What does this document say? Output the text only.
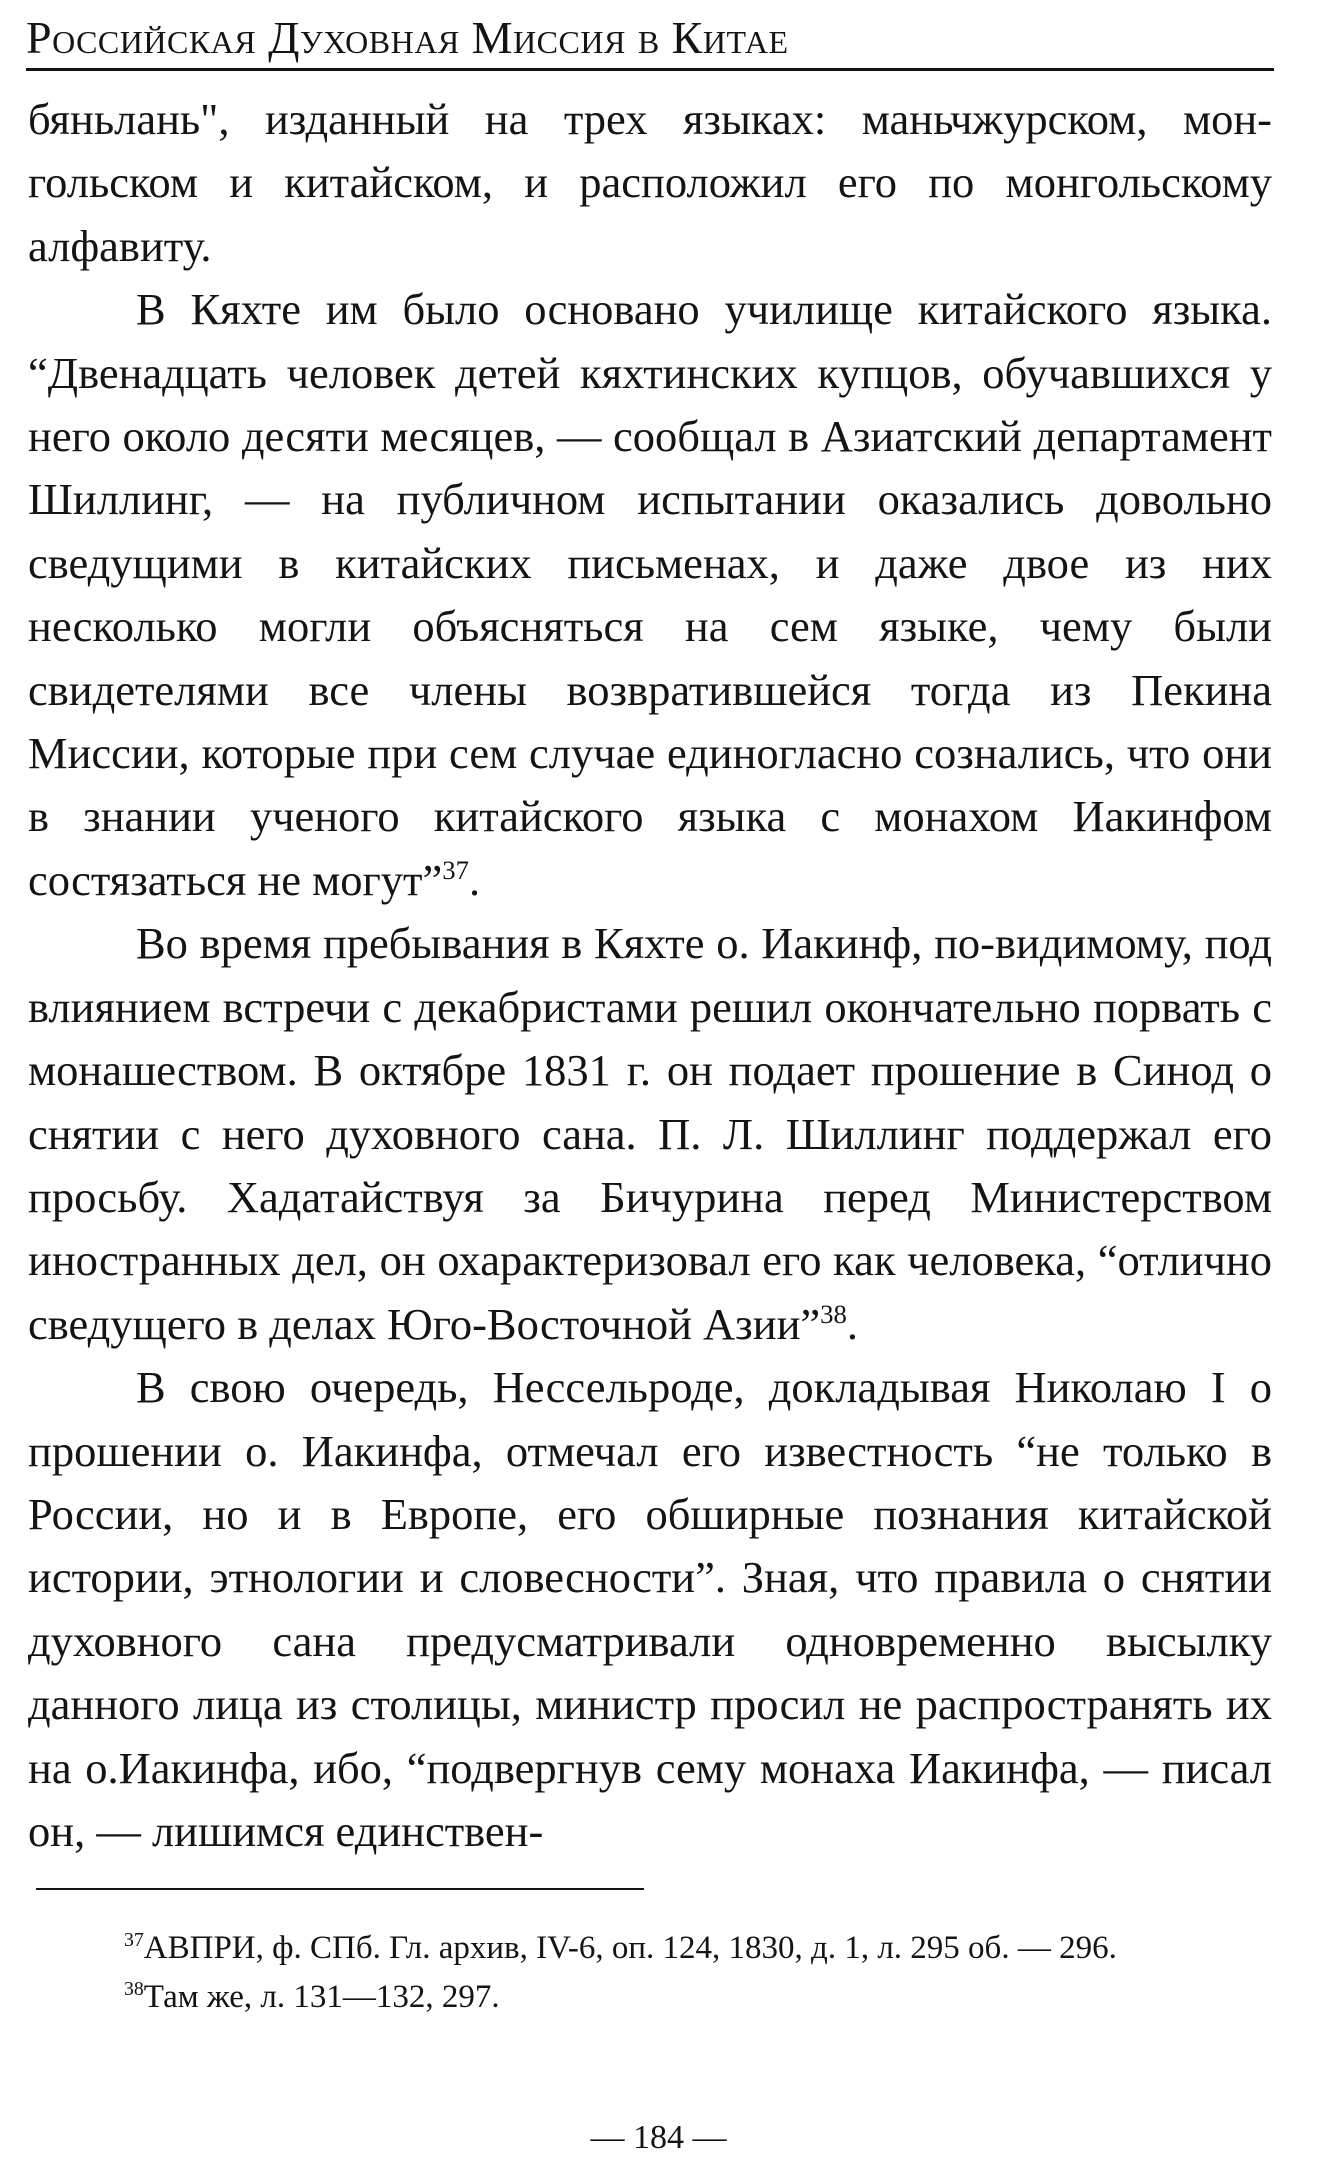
Российская Духовная Миссия в Китае

бяньлань", изданный на трех языках: маньчжурском, монгольском и китайском, и расположил его по монгольскому алфавиту.

В Кяхте им было основано училище китайского языка. “Двенадцать человек детей кяхтинских купцов, обучавшихся у него около десяти месяцев, — сообщал в Азиатский департамент Шиллинг, — на публичном испытании оказались довольно сведущими в китайских письменах, и даже двое из них несколько могли объясняться на сем языке, чему были свидетелями все члены возвратившейся тогда из Пекина Миссии, которые при сем случае единогласно сознались, что они в знании ученого китайского языка с монахом Иакинфом состязаться не могут”$^{37}$.

Во время пребывания в Кяхте о. Иакинф, по-видимому, под влиянием встречи с декабристами решил окончательно порвать с монашеством. В октябре 1831 г. он подает прошение в Синод о снятии с него духовного сана. П. Л. Шиллинг поддержал его просьбу. Хадатайствуя за Бичурина перед Министерством иностранных дел, он охарактеризовал его как человека, “отлично сведущего в делах Юго-Восточной Азии”$^{38}$.

В свою очередь, Нессельроде, докладывая Николаю I о прошении о. Иакинфа, отмечал его известность “не только в России, но и в Европе, его обширные познания китайской истории, этнологии и словесности”. Зная, что правила о снятии духовного сана предусматривали одновременно высылку данного лица из столицы, министр просил не распространять их на о.Иакинфа, ибо, “подвергнув сему монаха Иакинфа, — писал он, — лишимся единствен-

$^{37}$АВПРИ, ф. СПб. Гл. архив, IV-6, оп. 124, 1830, д. 1, л. 295 об. — 296.

$^{38}$Там же, л. 131—132, 297.

— 184 —
